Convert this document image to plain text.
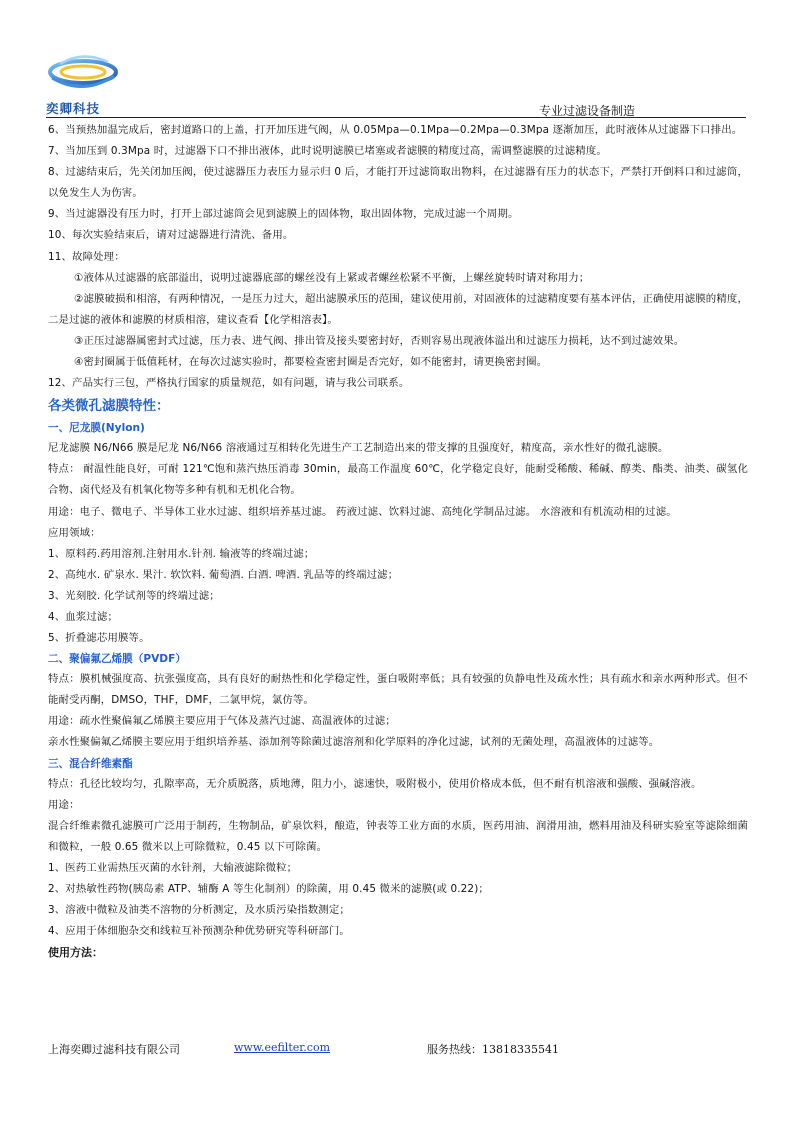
奕卿科技	专业过滤设备制造

6、当预热加温完成后，密封道路口的上盖，打开加压进气阀，从 0.05Mpa—0.1Mpa—0.2Mpa—0.3Mpa 逐渐加压，此时液体从过滤器下口排出。

7、当加压到 0.3Mpa 时，过滤器下口不排出液体，此时说明滤膜已堵塞或者滤膜的精度过高，需调整滤膜的过滤精度。

8、过滤结束后，先关闭加压阀，使过滤器压力表压力显示归 0 后，才能打开过滤筒取出物料，在过滤器有压力的状态下，严禁打开倒料口和过滤筒，以免发生人为伤害。

9、当过滤器没有压力时，打开上部过滤筒会见到滤膜上的固体物，取出固体物，完成过滤一个周期。

10、每次实验结束后，请对过滤器进行清洗、备用。

11、故障处理：

①液体从过滤器的底部溢出，说明过滤器底部的螺丝没有上紧或者螺丝松紧不平衡，上螺丝旋转时请对称用力；

②滤膜破损和相溶，有两种情况，一是压力过大，超出滤膜承压的范围，建议使用前，对固液体的过滤精度要有基本评估，正确使用滤膜的精度，二是过滤的液体和滤膜的材质相溶，建议查看【化学相溶表】。

③正压过滤器属密封式过滤，压力表、进气阀、排出管及接头要密封好，否则容易出现液体溢出和过滤压力损耗，达不到过滤效果。

④密封圈属于低值耗材，在每次过滤实验时，都要检查密封圈是否完好，如不能密封，请更换密封圈。

12、产品实行三包，严格执行国家的质量规范，如有问题，请与我公司联系。

各类微孔滤膜特性：

一、尼龙膜(Nylon)

尼龙滤膜 N6/N66 膜是尼龙 N6/N66 溶液通过互相转化先进生产工艺制造出来的带支撑的且强度好，精度高，亲水性好的微孔滤膜。

特点： 耐温性能良好，可耐 121℃饱和蒸汽热压消毒 30min，最高工作温度 60℃，化学稳定良好，能耐受稀酸、稀碱、醇类、酯类、油类、碳氢化合物、卤代烃及有机氧化物等多种有机和无机化合物。

用途：电子、微电子、半导体工业水过滤、组织培养基过滤。 药液过滤、饮料过滤、高纯化学制品过滤。 水溶液和有机流动相的过滤。

应用领域：

1、原料药.药用溶剂.注射用水.针剂. 输液等的终端过滤；

2、高纯水. 矿泉水. 果汁. 软饮料. 葡萄酒. 白酒. 啤酒. 乳品等的终端过滤；

3、光刻胶. 化学试剂等的终端过滤；

4、血浆过滤；

5、折叠滤芯用膜等。

二、聚偏氟乙烯膜（PVDF）

特点：膜机械强度高、抗张强度高，具有良好的耐热性和化学稳定性，蛋白吸附率低；具有较强的负静电性及疏水性；具有疏水和亲水两种形式。但不能耐受丙酮，DMSO，THF，DMF，二氯甲烷，氯仿等。

用途：疏水性聚偏氟乙烯膜主要应用于气体及蒸汽过滤、高温液体的过滤；

亲水性聚偏氟乙烯膜主要应用于组织培养基、添加剂等除菌过滤溶剂和化学原料的净化过滤，试剂的无菌处理，高温液体的过滤等。

三、混合纤维素酯

特点：孔径比较均匀，孔隙率高，无介质脱落，质地薄，阻力小，滤速快，吸附极小，使用价格成本低，但不耐有机溶液和强酸、强碱溶液。

用途：

混合纤维素微孔滤膜可广泛用于制药，生物制品，矿泉饮料，酿造，钟表等工业方面的水质，医药用油、润滑用油，燃料用油及科研实验室等滤除细菌和微粒，一般 0.65 微米以上可除微粒，0.45 以下可除菌。

1、医药工业需热压灭菌的水针剂，大输液滤除微粒；

2、对热敏性药物(胰岛素 ATP、辅酶 A 等生化制剂）的除菌，用 0.45 微米的滤膜(或 0.22)；

3、溶液中微粒及油类不溶物的分析测定，及水质污染指数测定；

4、应用于体细胞杂交和线粒互补预测杂种优势研究等科研部门。

使用方法：

上海奕卿过滤科技有限公司	www.eefilter.com	服务热线：13818335541
